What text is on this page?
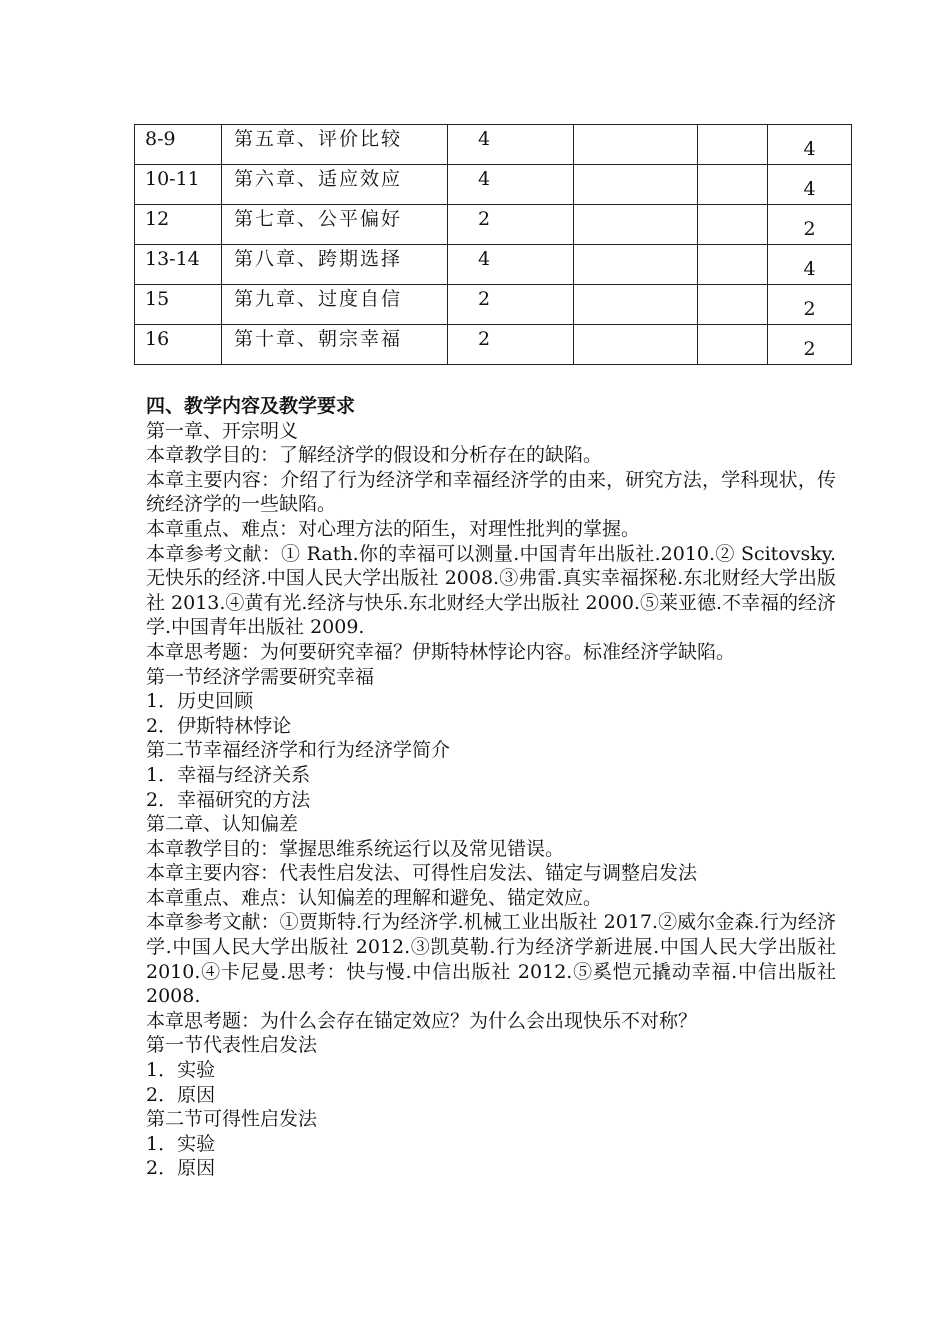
8-9	第五章、评价比较	4			4
10-11	第六章、适应效应	4			4
12	第七章、公平偏好	2			2
13-14	第八章、跨期选择	4			4
15	第九章、过度自信	2			2
16	第十章、朝宗幸福	2			2

四、教学内容及教学要求

第一章、开宗明义

本章教学目的：了解经济学的假设和分析存在的缺陷。

本章主要内容：介绍了行为经济学和幸福经济学的由来，研究方法，学科现状，传统经济学的一些缺陷。

本章重点、难点：对心理方法的陌生，对理性批判的掌握。

本章参考文献：① Rath.你的幸福可以测量.中国青年出版社.2010.② Scitovsky.无快乐的经济.中国人民大学出版社 2008.③弗雷.真实幸福探秘.东北财经大学出版社 2013.④黄有光.经济与快乐.东北财经大学出版社 2000.⑤莱亚德.不幸福的经济学.中国青年出版社 2009.

本章思考题：为何要研究幸福？伊斯特林悖论内容。标准经济学缺陷。

第一节经济学需要研究幸福

1．历史回顾

2．伊斯特林悖论

第二节幸福经济学和行为经济学简介

1．幸福与经济关系

2．幸福研究的方法

第二章、认知偏差

本章教学目的：掌握思维系统运行以及常见错误。

本章主要内容：代表性启发法、可得性启发法、锚定与调整启发法

本章重点、难点：认知偏差的理解和避免、锚定效应。

本章参考文献：①贾斯特.行为经济学.机械工业出版社 2017.②威尔金森.行为经济学.中国人民大学出版社 2012.③凯莫勒.行为经济学新进展.中国人民大学出版社 2010.④卡尼曼.思考：快与慢.中信出版社 2012.⑤奚恺元撬动幸福.中信出版社 2008.

本章思考题：为什么会存在锚定效应？为什么会出现快乐不对称？

第一节代表性启发法

1．实验

2．原因

第二节可得性启发法

1．实验

2．原因
